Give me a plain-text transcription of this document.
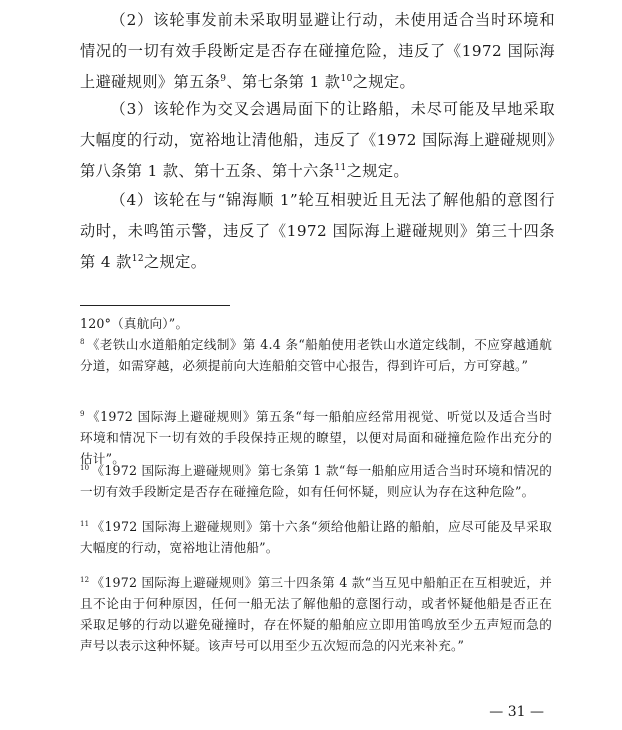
（2）该轮事发前未采取明显避让行动，未使用适合当时环境和情况的一切有效手段断定是否存在碰撞危险，违反了《1972 国际海上避碰规则》第五条$^9$、第七条第 1 款$^{10}$之规定。

（3）该轮作为交叉会遇局面下的让路船，未尽可能及早地采取大幅度的行动，宽裕地让清他船，违反了《1972 国际海上避碰规则》第八条第 1 款、第十五条、第十六条$^{11}$之规定。

（4）该轮在与“锦海顺 1”轮互相驶近且无法了解他船的意图行动时，未鸣笛示警，违反了《1972 国际海上避碰规则》第三十四条第 4 款$^{12}$之规定。

120°（真航向）”。

$^8$ 《老铁山水道船舶定线制》第 4.4 条“船舶使用老铁山水道定线制，不应穿越通航分道，如需穿越，必须提前向大连船舶交管中心报告，得到许可后，方可穿越。”

$^9$ 《1972 国际海上避碰规则》第五条“每一船舶应经常用视觉、听觉以及适合当时环境和情况下一切有效的手段保持正规的瞭望，以便对局面和碰撞危险作出充分的估计”。

$^{10}$ 《1972 国际海上避碰规则》第七条第 1 款“每一船舶应用适合当时环境和情况的一切有效手段断定是否存在碰撞危险，如有任何怀疑，则应认为存在这种危险”。

$^{11}$ 《1972 国际海上避碰规则》第十六条“须给他船让路的船舶，应尽可能及早采取大幅度的行动，宽裕地让清他船”。

$^{12}$ 《1972 国际海上避碰规则》第三十四条第 4 款“当互见中船舶正在互相驶近，并且不论由于何种原因，任何一船无法了解他船的意图行动，或者怀疑他船是否正在采取足够的行动以避免碰撞时，存在怀疑的船舶应立即用笛鸣放至少五声短而急的声号以表示这种怀疑。该声号可以用至少五次短而急的闪光来补充。”

— 31 —
